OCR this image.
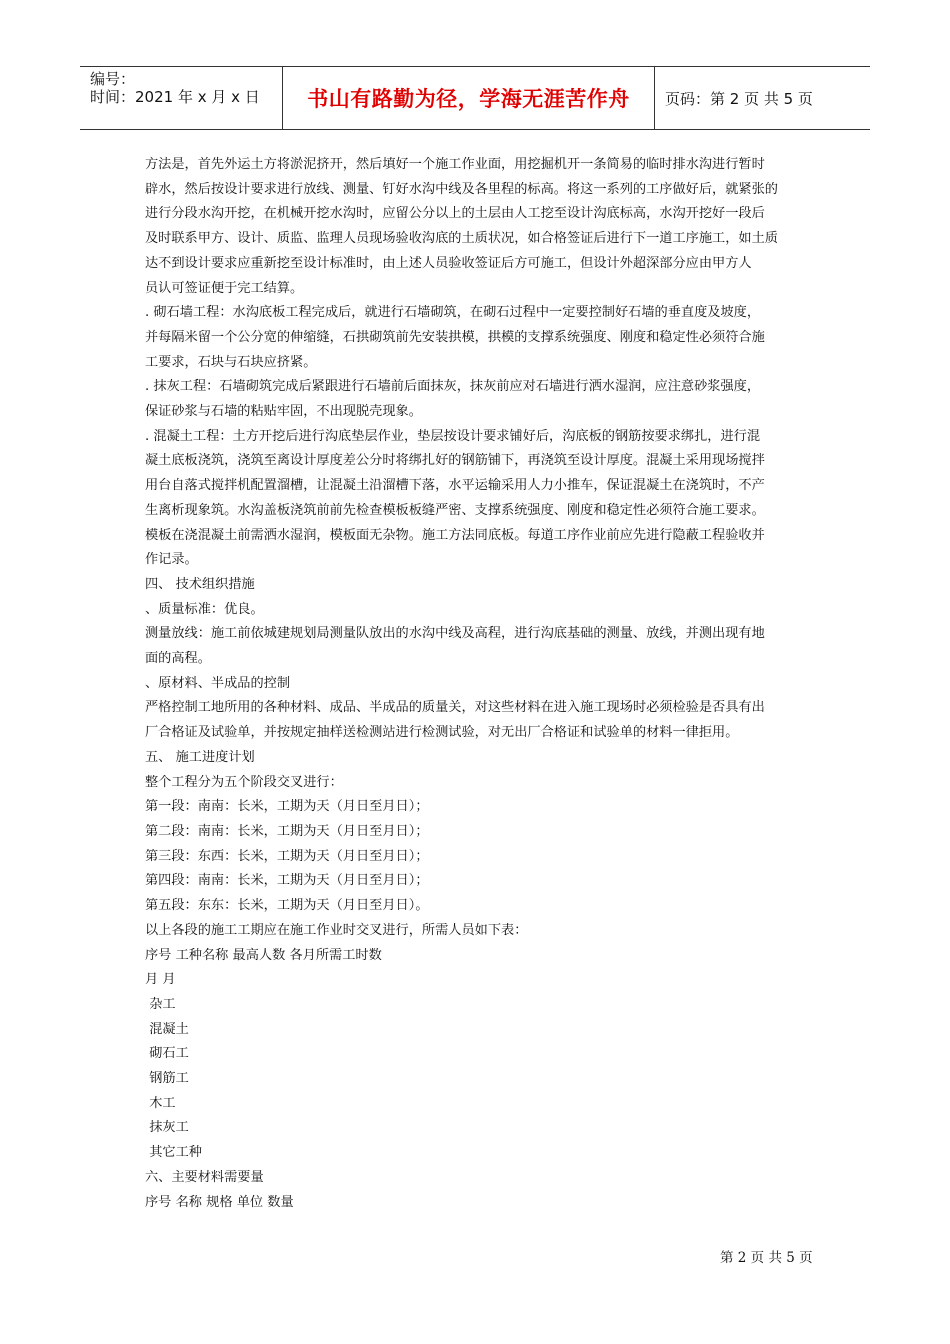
编号：
时间：2021 年 x 月 x 日	书山有路勤为径，学海无涯苦作舟	页码：第 2 页 共 5 页

方法是，首先外运土方将淤泥挤开，然后填好一个施工作业面，用挖掘机开一条简易的临时排水沟进行暂时

辟水，然后按设计要求进行放线、测量、钉好水沟中线及各里程的标高。将这一系列的工序做好后，就紧张的

进行分段水沟开挖，在机械开挖水沟时，应留公分以上的土层由人工挖至设计沟底标高，水沟开挖好一段后

及时联系甲方、设计、质监、监理人员现场验收沟底的土质状况，如合格签证后进行下一道工序施工，如土质

达不到设计要求应重新挖至设计标准时，由上述人员验收签证后方可施工，但设计外超深部分应由甲方人

员认可签证便于完工结算。

. 砌石墙工程：水沟底板工程完成后，就进行石墙砌筑，在砌石过程中一定要控制好石墙的垂直度及坡度，

并每隔米留一个公分宽的伸缩缝，石拱砌筑前先安装拱模，拱模的支撑系统强度、刚度和稳定性必须符合施

工要求，石块与石块应挤紧。

. 抹灰工程：石墙砌筑完成后紧跟进行石墙前后面抹灰，抹灰前应对石墙进行洒水湿润，应注意砂浆强度，

保证砂浆与石墙的粘贴牢固，不出现脱壳现象。

. 混凝土工程：土方开挖后进行沟底垫层作业，垫层按设计要求铺好后，沟底板的钢筋按要求绑扎，进行混

凝土底板浇筑，浇筑至离设计厚度差公分时将绑扎好的钢筋铺下，再浇筑至设计厚度。混凝土采用现场搅拌

用台自落式搅拌机配置溜槽，让混凝土沿溜槽下落，水平运输采用人力小推车，保证混凝土在浇筑时，不产

生离析现象筑。水沟盖板浇筑前前先检查模板板缝严密、支撑系统强度、刚度和稳定性必须符合施工要求。

模板在浇混凝土前需洒水湿润，模板面无杂物。施工方法同底板。每道工序作业前应先进行隐蔽工程验收并

作记录。

四、 技术组织措施

、质量标准：优良。

测量放线：施工前依城建规划局测量队放出的水沟中线及高程，进行沟底基础的测量、放线，并测出现有地

面的高程。

、原材料、半成品的控制

严格控制工地所用的各种材料、成品、半成品的质量关，对这些材料在进入施工现场时必须检验是否具有出

厂合格证及试验单，并按规定抽样送检测站进行检测试验，对无出厂合格证和试验单的材料一律拒用。

五、 施工进度计划

整个工程分为五个阶段交叉进行：

第一段：南南：长米，工期为天（月日至月日）；

第二段：南南：长米，工期为天（月日至月日）；

第三段：东西：长米，工期为天（月日至月日）；

第四段：南南：长米，工期为天（月日至月日）；

第五段：东东：长米，工期为天（月日至月日）。

以上各段的施工工期应在施工作业时交叉进行，所需人员如下表：

序号 工种名称 最高人数 各月所需工时数

月 月

杂工

混凝土

砌石工

钢筋工

木工

抹灰工

其它工种

六、主要材料需要量

序号 名称 规格 单位 数量

第 2 页 共 5 页
